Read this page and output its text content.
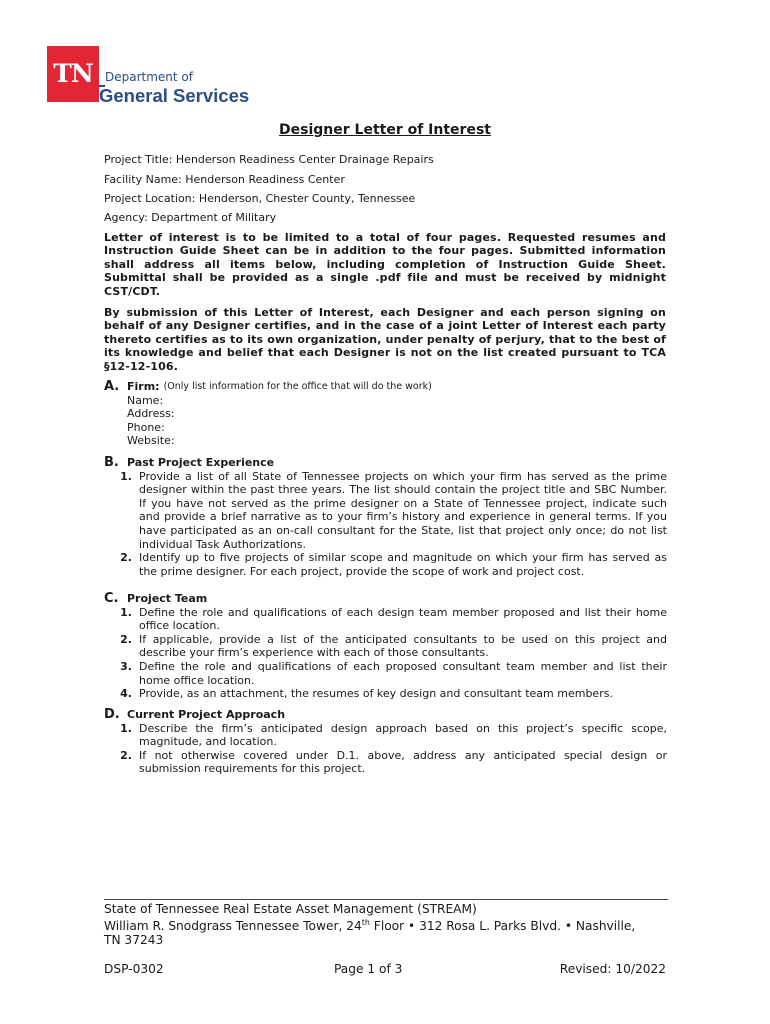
TN	Department of
General Services
Designer Letter of Interest
Project Title: Henderson Readiness Center Drainage Repairs
Facility Name: Henderson Readiness Center
Project Location: Henderson, Chester County, Tennessee
Agency: Department of Military

Letter of interest is to be limited to a total of four pages. Requested resumes and Instruction Guide Sheet can be in addition to the four pages. Submitted information shall address all items below, including completion of Instruction Guide Sheet. Submittal shall be provided as a single .pdf file and must be received by midnight CST/CDT.

By submission of this Letter of Interest, each Designer and each person signing on behalf of any Designer certifies, and in the case of a joint Letter of Interest each party thereto certifies as to its own organization, under penalty of perjury, that to the best of its knowledge and belief that each Designer is not on the list created pursuant to TCA §12-12-106.

A. Firm: (Only list information for the office that will do the work)
Name:
Address:
Phone:
Website:
B. Past Project Experience
1. Provide a list of all State of Tennessee projects on which your firm has served as the prime designer within the past three years. The list should contain the project title and SBC Number. If you have not served as the prime designer on a State of Tennessee project, indicate such and provide a brief narrative as to your firm’s history and experience in general terms. If you have participated as an on-call consultant for the State, list that project only once; do not list individual Task Authorizations.
2. Identify up to five projects of similar scope and magnitude on which your firm has served as the prime designer. For each project, provide the scope of work and project cost.
C. Project Team
1. Define the role and qualifications of each design team member proposed and list their home office location.
2. If applicable, provide a list of the anticipated consultants to be used on this project and describe your firm’s experience with each of those consultants.
3. Define the role and qualifications of each proposed consultant team member and list their home office location.
4. Provide, as an attachment, the resumes of key design and consultant team members.
D. Current Project Approach
1. Describe the firm’s anticipated design approach based on this project’s specific scope, magnitude, and location.
2. If not otherwise covered under D.1. above, address any anticipated special design or submission requirements for this project.
State of Tennessee Real Estate Asset Management (STREAM)
William R. Snodgrass Tennessee Tower, 24th Floor • 312 Rosa L. Parks Blvd. • Nashville,
TN 37243
DSP-0302	Page 1 of 3	Revised: 10/2022
